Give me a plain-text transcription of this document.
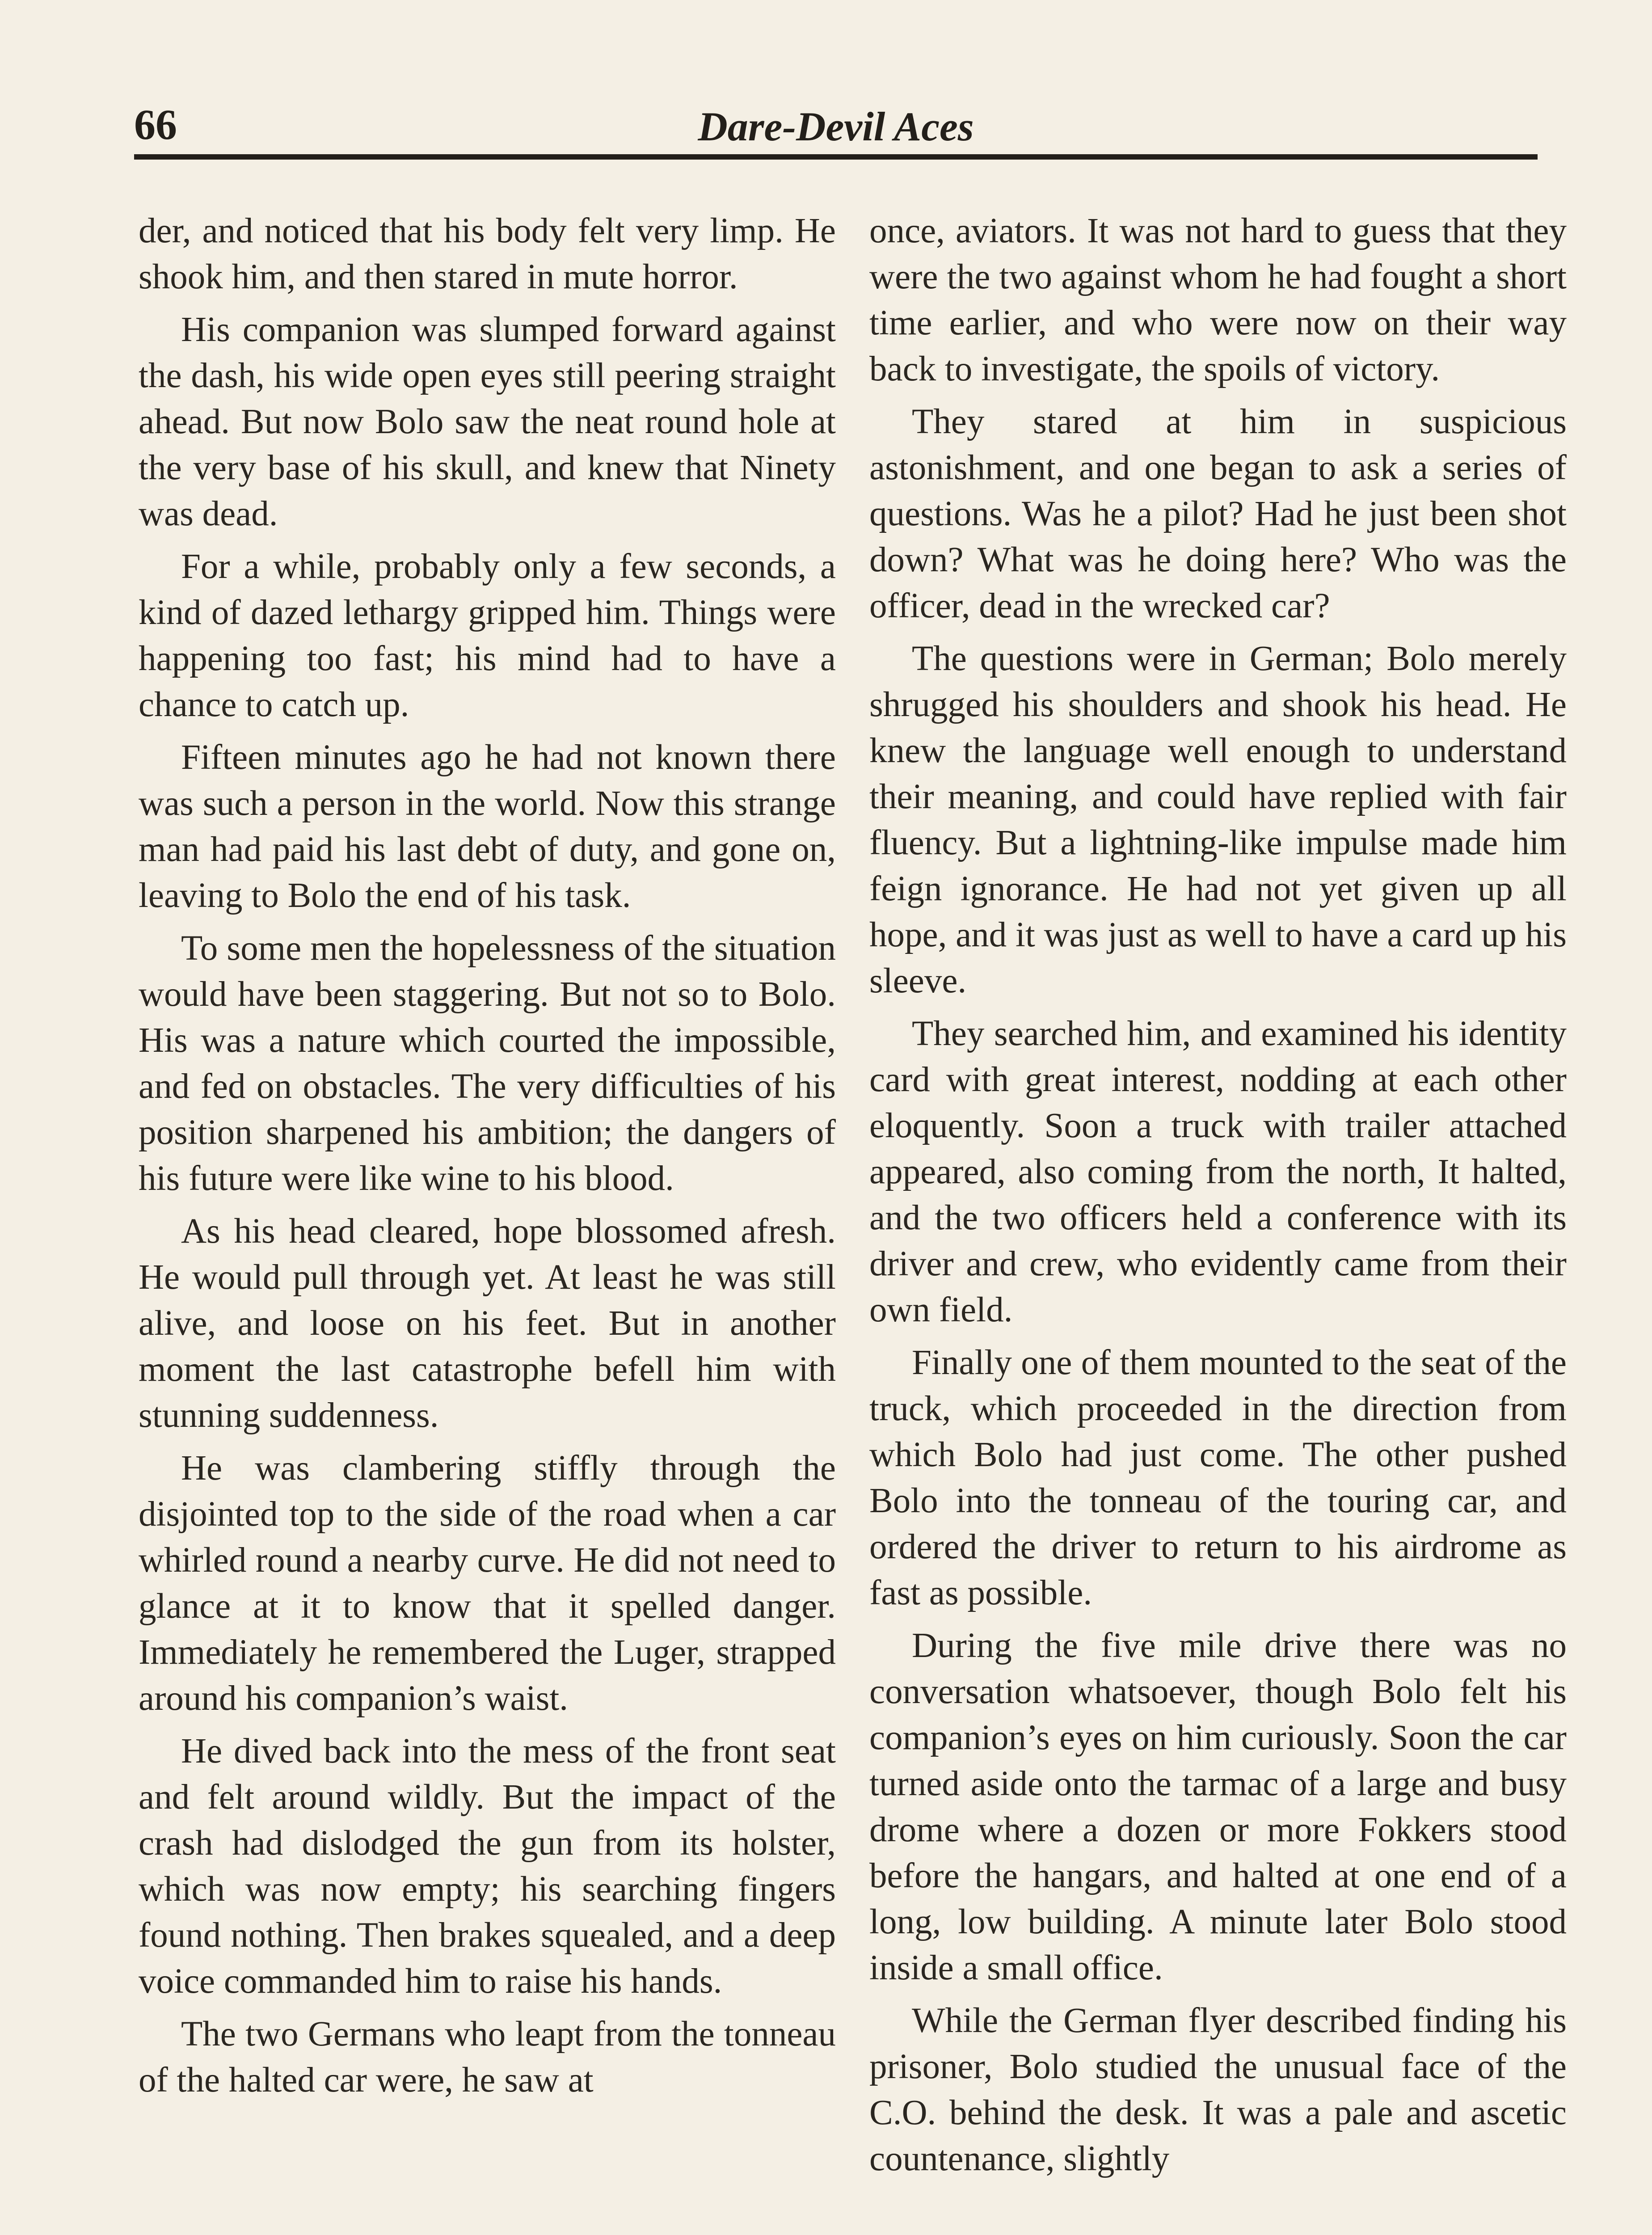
66	Dare-Devil Aces

der, and noticed that his body felt very limp. He shook him, and then stared in mute horror.

His companion was slumped forward against the dash, his wide open eyes still peering straight ahead. But now Bolo saw the neat round hole at the very base of his skull, and knew that Ninety was dead.

For a while, probably only a few seconds, a kind of dazed lethargy gripped him. Things were happening too fast; his mind had to have a chance to catch up.

Fifteen minutes ago he had not known there was such a person in the world. Now this strange man had paid his last debt of duty, and gone on, leaving to Bolo the end of his task.

To some men the hopelessness of the situation would have been staggering. But not so to Bolo. His was a nature which courted the impossible, and fed on obstacles. The very difficulties of his position sharpened his ambition; the dangers of his future were like wine to his blood.

As his head cleared, hope blossomed afresh. He would pull through yet. At least he was still alive, and loose on his feet. But in another moment the last catastrophe befell him with stunning suddenness.

He was clambering stiffly through the disjointed top to the side of the road when a car whirled round a nearby curve. He did not need to glance at it to know that it spelled danger. Immediately he remembered the Luger, strapped around his companion’s waist.

He dived back into the mess of the front seat and felt around wildly. But the impact of the crash had dislodged the gun from its holster, which was now empty; his searching fingers found nothing. Then brakes squealed, and a deep voice commanded him to raise his hands.

The two Germans who leapt from the tonneau of the halted car were, he saw at

once, aviators. It was not hard to guess that they were the two against whom he had fought a short time earlier, and who were now on their way back to investigate, the spoils of victory.

They stared at him in suspicious astonishment, and one began to ask a series of questions. Was he a pilot? Had he just been shot down? What was he doing here? Who was the officer, dead in the wrecked car?

The questions were in German; Bolo merely shrugged his shoulders and shook his head. He knew the language well enough to understand their meaning, and could have replied with fair fluency. But a lightning-like impulse made him feign ignorance. He had not yet given up all hope, and it was just as well to have a card up his sleeve.

They searched him, and examined his identity card with great interest, nodding at each other eloquently. Soon a truck with trailer attached appeared, also coming from the north, It halted, and the two officers held a conference with its driver and crew, who evidently came from their own field.

Finally one of them mounted to the seat of the truck, which proceeded in the direction from which Bolo had just come. The other pushed Bolo into the tonneau of the touring car, and ordered the driver to return to his airdrome as fast as possible.

During the five mile drive there was no conversation whatsoever, though Bolo felt his companion’s eyes on him curiously. Soon the car turned aside onto the tarmac of a large and busy drome where a dozen or more Fokkers stood before the hangars, and halted at one end of a long, low building. A minute later Bolo stood inside a small office.

While the German flyer described finding his prisoner, Bolo studied the unusual face of the C.O. behind the desk. It was a pale and ascetic countenance, slightly
